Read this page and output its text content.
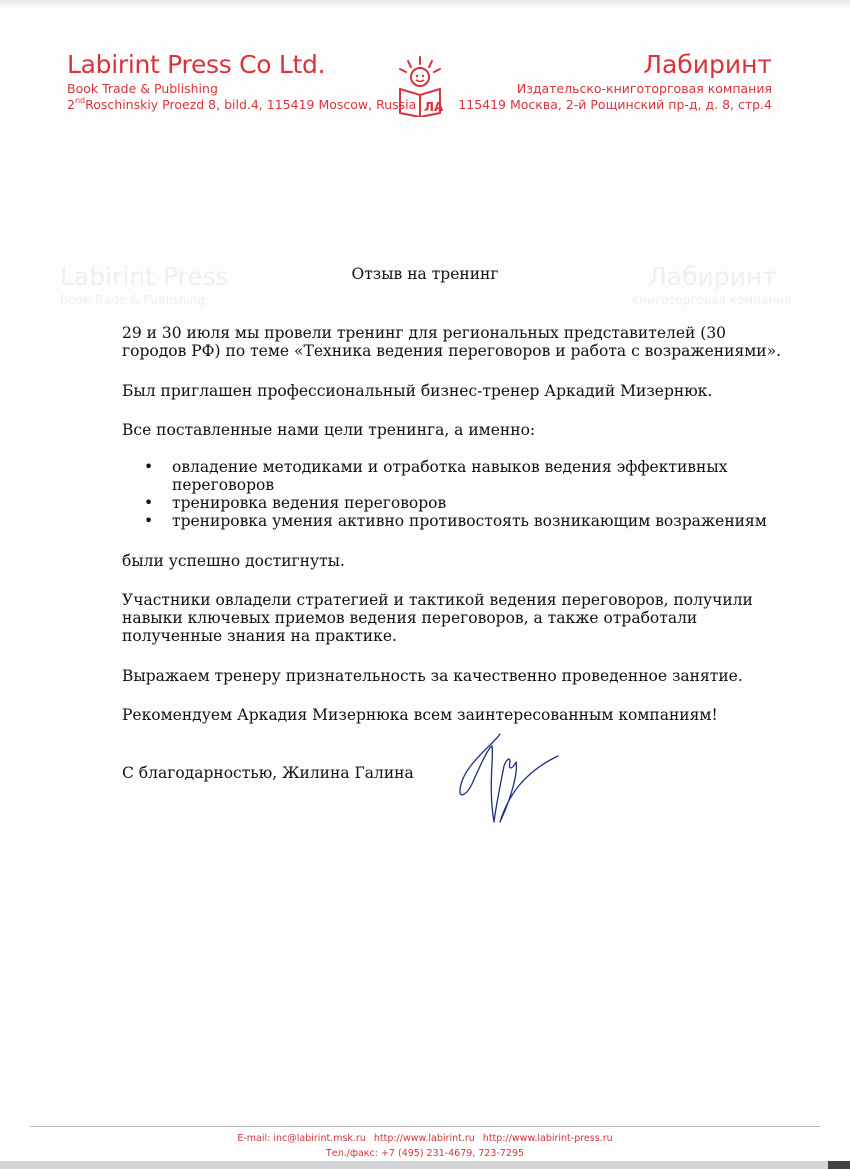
Labirint Press
Book Trade & Publishing
Лабиринт
книготорговая компания
Labirint Press Co Ltd.
Book Trade & Publishing
2ndRoschinskiy Proezd 8, bild.4, 115419 Moscow, Russia ЛА
Лабиринт
Издательско-книготорговая компания
115419 Москва, 2-й Рощинский пр-д, д. 8, стр.4
Отзыв на тренинг
29 и 30 июля мы провели тренинг для региональных представителей (30 городов РФ) по теме «Техника ведения переговоров и работа с возражениями».
Был приглашен профессиональный бизнес-тренер Аркадий Мизернюк.
Все поставленные нами цели тренинга, а именно:
• овладение методиками и отработка навыков ведения эффективных переговоров
• тренировка ведения переговоров
• тренировка умения активно противостоять возникающим возражениям
были успешно достигнуты.
Участники овладели стратегией и тактикой ведения переговоров, получили навыки ключевых приемов ведения переговоров, а также отработали полученные знания на практике.
Выражаем тренеру признательность за качественно проведенное занятие.
Рекомендуем Аркадия Мизернюка всем заинтересованным компаниям!
С благодарностью, Жилина Галина
E-mail: inc@labirint.msk.ru http://www.labirint.ru http://www.labirint-press.ru
Тел./факс: +7 (495) 231-4679, 723-7295
